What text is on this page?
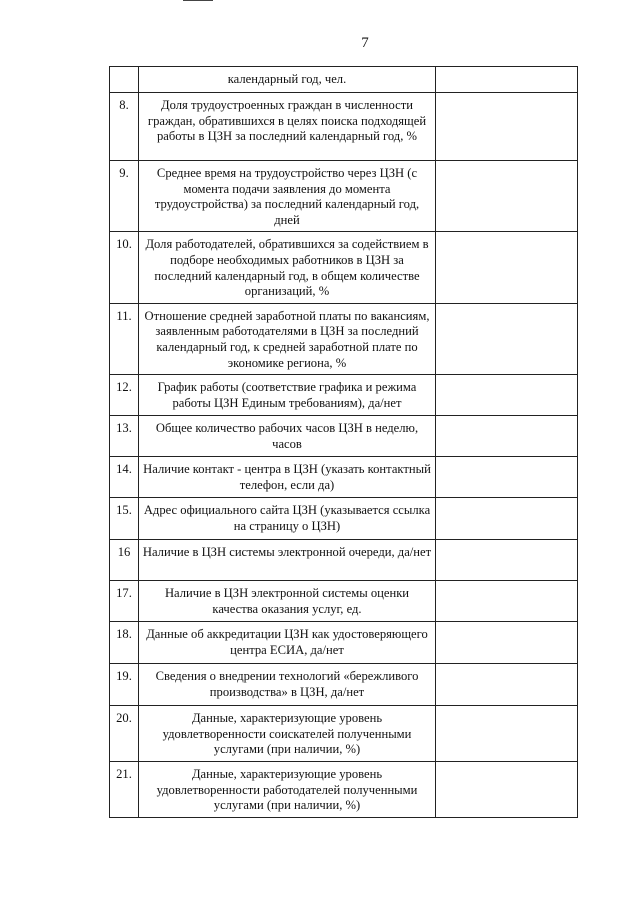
7
	календарный год, чел.	
8.	Доля трудоустроенных граждан в численности граждан, обратившихся в целях поиска подходящей работы в ЦЗН за последний календарный год, %	
9.	Среднее время на трудоустройство через ЦЗН (с момента подачи заявления до момента трудоустройства) за последний календарный год, дней	
10.	Доля работодателей, обратившихся за содействием в подборе необходимых работников в ЦЗН за последний календарный год, в общем количестве организаций, %	
11.	Отношение средней заработной платы по вакансиям, заявленным работодателями в ЦЗН за последний календарный год, к средней заработной плате по экономике региона, %	
12.	График работы (соответствие графика и режима работы ЦЗН Единым требованиям), да/нет	
13.	Общее количество рабочих часов ЦЗН в неделю, часов	
14.	Наличие контакт - центра в ЦЗН (указать контактный телефон, если да)	
15.	Адрес официального сайта ЦЗН (указывается ссылка на страницу о ЦЗН)	
16	Наличие в ЦЗН системы электронной очереди, да/нет	
17.	Наличие в ЦЗН электронной системы оценки качества оказания услуг, ед.	
18.	Данные об аккредитации ЦЗН как удостоверяющего центра ЕСИА, да/нет	
19.	Сведения о внедрении технологий «бережливого производства» в ЦЗН, да/нет	
20.	Данные, характеризующие уровень удовлетворенности соискателей полученными услугами (при наличии, %)	
21.	Данные, характеризующие уровень удовлетворенности работодателей полученными услугами (при наличии, %)	
